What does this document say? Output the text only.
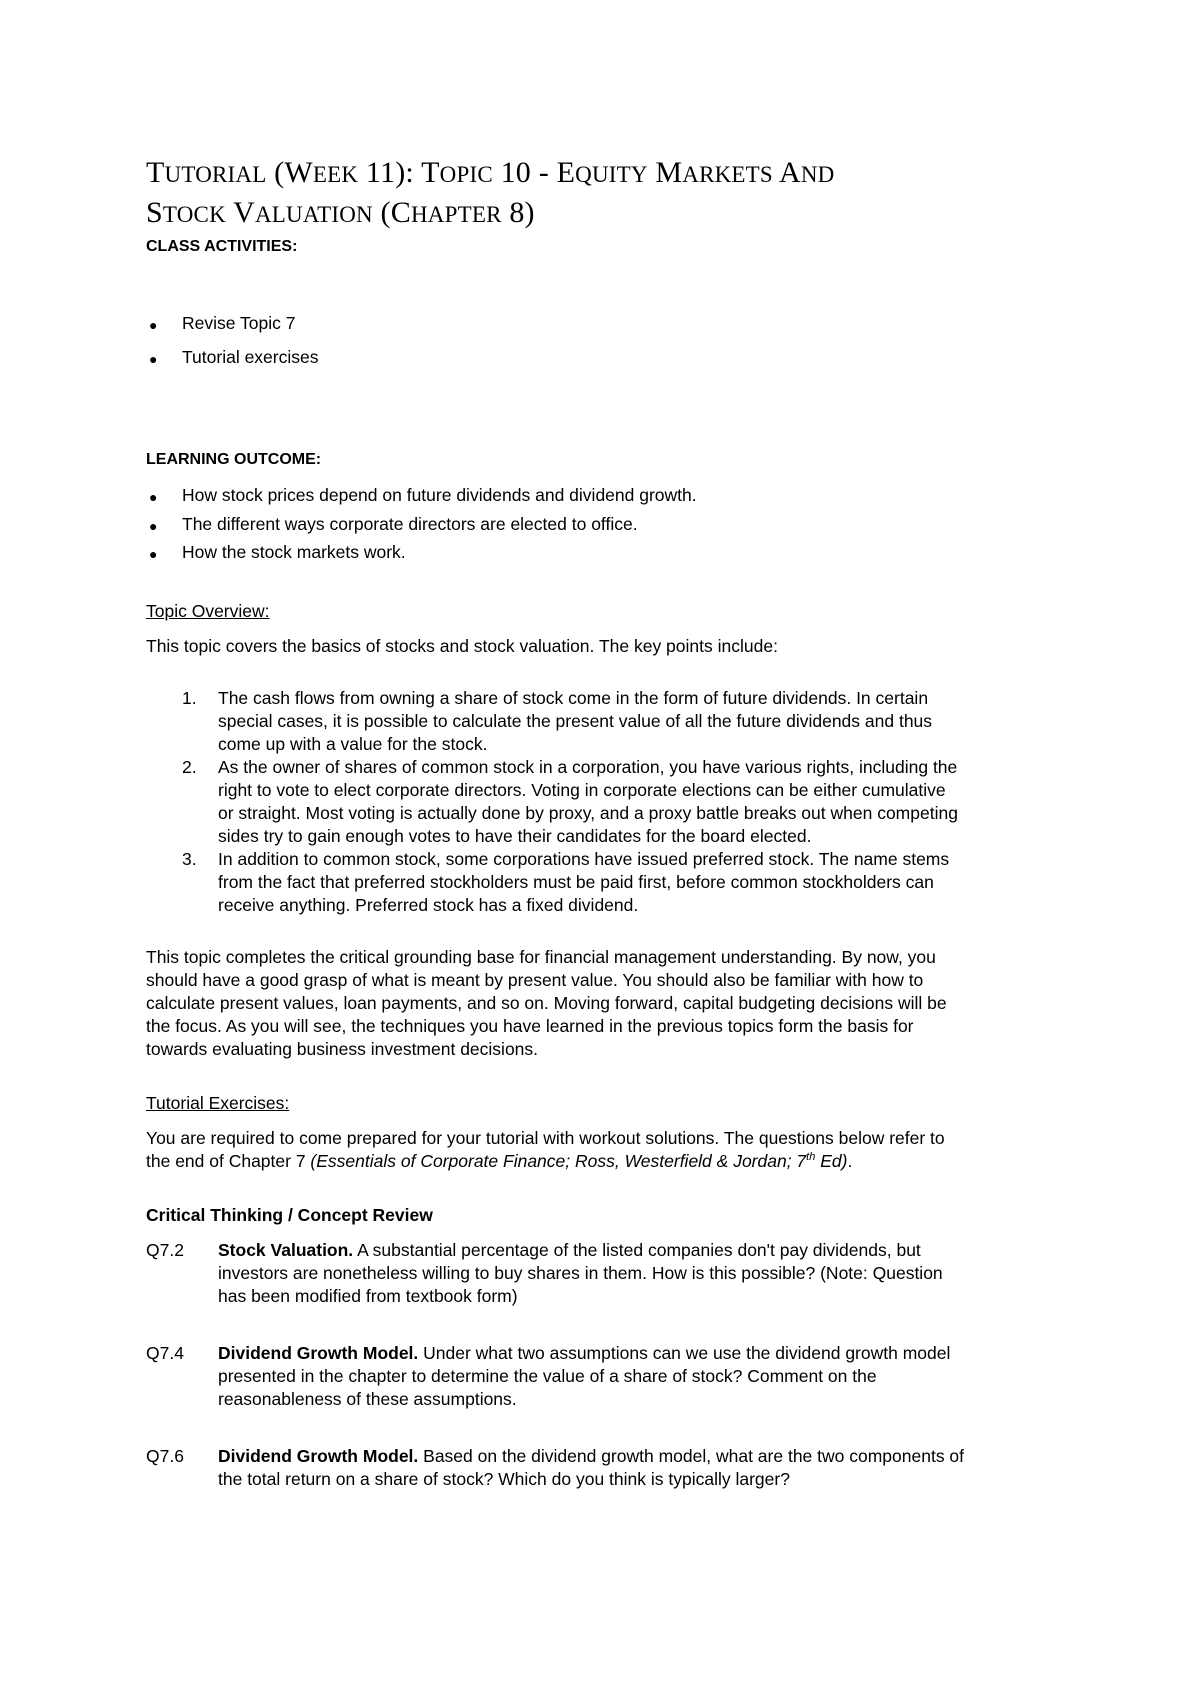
TUTORIAL (WEEK 11): TOPIC 10 - EQUITY MARKETS AND
STOCK VALUATION (CHAPTER 8)
CLASS ACTIVITIES:
● Revise Topic 7
● Tutorial exercises
LEARNING OUTCOME:
● How stock prices depend on future dividends and dividend growth.
● The different ways corporate directors are elected to office.
● How the stock markets work.
Topic Overview:
This topic covers the basics of stocks and stock valuation. The key points include:
1. The cash flows from owning a share of stock come in the form of future dividends. In certain
special cases, it is possible to calculate the present value of all the future dividends and thus
come up with a value for the stock.
2. As the owner of shares of common stock in a corporation, you have various rights, including the
right to vote to elect corporate directors. Voting in corporate elections can be either cumulative
or straight. Most voting is actually done by proxy, and a proxy battle breaks out when competing
sides try to gain enough votes to have their candidates for the board elected.
3. In addition to common stock, some corporations have issued preferred stock. The name stems
from the fact that preferred stockholders must be paid first, before common stockholders can
receive anything. Preferred stock has a fixed dividend.
This topic completes the critical grounding base for financial management understanding. By now, you
should have a good grasp of what is meant by present value. You should also be familiar with how to
calculate present values, loan payments, and so on. Moving forward, capital budgeting decisions will be
the focus. As you will see, the techniques you have learned in the previous topics form the basis for
towards evaluating business investment decisions.
Tutorial Exercises:
You are required to come prepared for your tutorial with workout solutions. The questions below refer to
the end of Chapter 7 (Essentials of Corporate Finance; Ross, Westerfield & Jordan; 7th Ed).
Critical Thinking / Concept Review
Q7.2 Stock Valuation. A substantial percentage of the listed companies don't pay dividends, but
investors are nonetheless willing to buy shares in them. How is this possible? (Note: Question
has been modified from textbook form)
Q7.4 Dividend Growth Model. Under what two assumptions can we use the dividend growth model
presented in the chapter to determine the value of a share of stock? Comment on the
reasonableness of these assumptions.
Q7.6 Dividend Growth Model. Based on the dividend growth model, what are the two components of
the total return on a share of stock? Which do you think is typically larger?
